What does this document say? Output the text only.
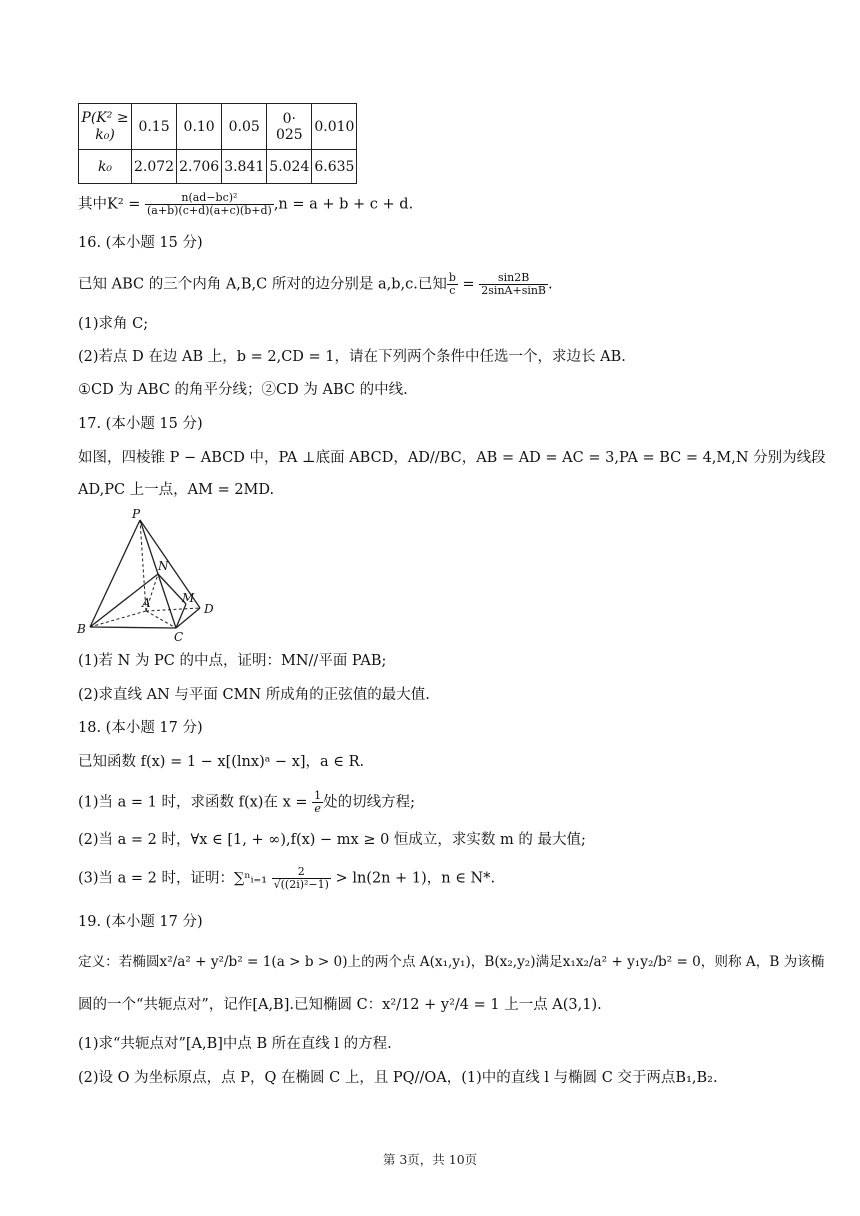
P(K² ≥ k₀)	0.15	0.10	0.05	0· 025	0.010
k₀	2.072	2.706	3.841	5.024	6.635
其中$K^2 = \frac{\text{n(ad−bc)²}}{(a+b)(c+d)(a+c)(b+d)} ,n = a + b + c + d$.
16. (本小题 15 分)
已知 ABC 的三个内角 A,B,C 所对的边分别是 a,b,c.已知 $\frac{b}{c} = \frac{\sin 2B}{2\sin A+\sin B}$ .
(1)求角 C;
(2)若点 D 在边 AB 上，b = 2,CD = 1，请在下列两个条件中任选一个，求边长 AB.
①CD 为 ABC 的角平分线；②CD 为 ABC 的中线.
17. (本小题 15 分)
如图，四棱锥 P − ABCD 中，PA ⊥底面 ABCD，AD//BC，AB = AD = AC = 3,PA = BC = 4,M,N 分别为线段
AD,PC 上一点，AM = 2MD.
P
N
A	M
D
B
C
(1)若 N 为 PC 的中点，证明：MN//平面 PAB;
(2)求直线 AN 与平面 CMN 所成角的正弦值的最大值.
18. (本小题 17 分)
已知函数 f(x) = 1 − x[(lnx)ᵃ − x]，a ∈ R.
(1)当 a = 1 时，求函数 f(x)在 $x = \frac{1}{e}$ 处的切线方程;
(2)当 a = 2 时，∀x ∈ [1, + ∞),f(x) − mx ≥ 0 恒成立，求实数 m 的 最大值;
(3)当 a = 2 时，证明：∑ⁿᵢ₌₁ $\frac{2}{\text{√((2i)²−1)}} > \ln(2n + 1)$，n ∈ N*.
19. (本小题 17 分)
定义：若椭圆x²/a² + y²/b² = 1(a > b > 0)上的两个点 A(x₁,y₁)，B(x₂,y₂)满足x₁x₂/a² + y₁y₂/b² = 0，则称 A，B 为该椭
圆的一个“共轭点对”，记作[A,B].已知椭圆 C：x²/12 + y²/4 = 1 上一点 A(3,1).
(1)求“共轭点对”[A,B]中点 B 所在直线 l 的方程.
(2)设 O 为坐标原点，点 P，Q 在椭圆 C 上，且 PQ//OA，(1)中的直线 l 与椭圆 C 交于两点B₁,B₂.
第 3页，共 10页
